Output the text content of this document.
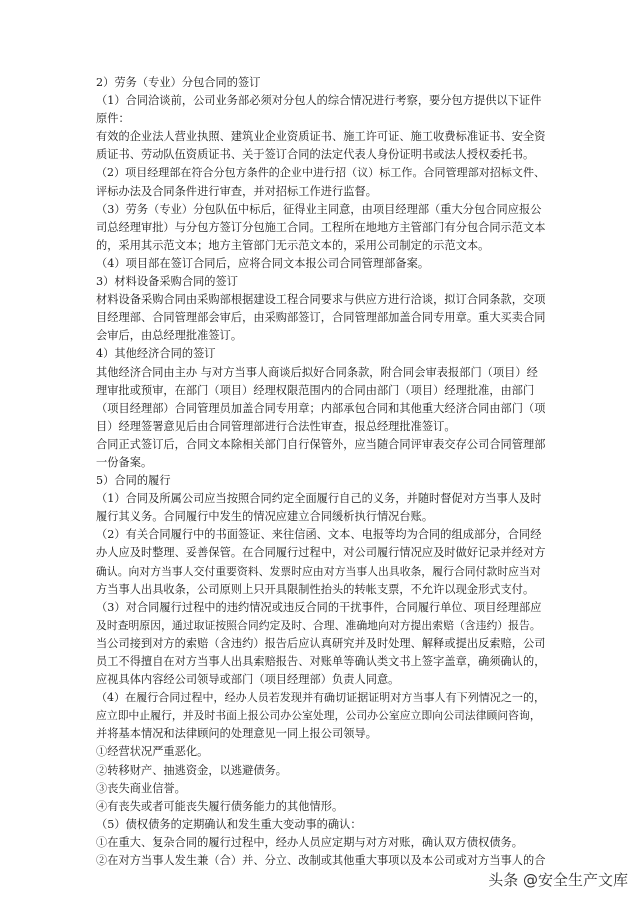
2）劳务（专业）分包合同的签订
（1）合同洽谈前，公司业务部必须对分包人的综合情况进行考察，要分包方提供以下证件
原件：
有效的企业法人营业执照、建筑业企业资质证书、施工许可证、施工收费标准证书、安全资
质证书、劳动队伍资质证书、关于签订合同的法定代表人身份证明书或法人授权委托书。
（2）项目经理部在符合分包方条件的企业中进行招（议）标工作。合同管理部对招标文件、
评标办法及合同条件进行审查，并对招标工作进行监督。
（3）劳务（专业）分包队伍中标后，征得业主同意，由项目经理部（重大分包合同应报公
司总经理审批）与分包方签订分包施工合同。工程所在地地方主管部门有分包合同示范文本
的，采用其示范文本；地方主管部门无示范文本的，采用公司制定的示范文本。
（4）项目部在签订合同后，应将合同文本报公司合同管理部备案。
3）材料设备采购合同的签订
材料设备采购合同由采购部根据建设工程合同要求与供应方进行洽谈，拟订合同条款，交项
目经理部、合同管理部会审后，由采购部签订，合同管理部加盖合同专用章。重大买卖合同
会审后，由总经理批准签订。
4）其他经济合同的签订
其他经济合同由主办 与对方当事人商谈后拟好合同条款，附合同会审表报部门（项目）经
理审批或预审，在部门（项目）经理权限范围内的合同由部门（项目）经理批准，由部门
（项目经理部）合同管理员加盖合同专用章；内部承包合同和其他重大经济合同由部门（项
目）经理签署意见后由合同管理部进行合法性审查，报总经理批准签订。
合同正式签订后，合同文本除相关部门自行保管外，应当随合同评审表交存公司合同管理部
一份备案。
5）合同的履行
（1）合同及所属公司应当按照合同约定全面履行自己的义务，并随时督促对方当事人及时
履行其义务。合同履行中发生的情况应建立合同缓析执行情况台账。
（2）有关合同履行中的书面签证、来往信函、文本、电报等均为合同的组成部分，合同经
办人应及时整理、妥善保管。在合同履行过程中，对公司履行情况应及时做好记录并经对方
确认。向对方当事人交付重要资料、发票时应由对方当事人出具收条，履行合同付款时应当对
方当事人出具收条，公司原则上只开具限制性抬头的转帐支票，不允许以现金形式支付。
（3）对合同履行过程中的违约情况或违反合同的干扰事件，合同履行单位、项目经理部应
及时查明原因，通过取证按照合同约定及时、合理、准确地向对方提出索赔（含违约）报告。
当公司接到对方的索赔（含违约）报告后应认真研究并及时处理、解释或提出反索赔，公司
员工不得擅自在对方当事人出具索赔报告、对账单等确认类文书上签字盖章，确须确认的，
应视具体内容经公司领导或部门（项目经理部）负责人同意。
（4）在履行合同过程中，经办人员若发现并有确切证据证明对方当事人有下列情况之一的，
应立即中止履行，并及时书面上报公司办公室处理，公司办公室应立即向公司法律顾问咨询，
并将基本情况和法律顾问的处理意见一同上报公司领导。
①经营状况严重恶化。
②转移财产、抽逃资金，以逃避债务。
③丧失商业信誉。
④有丧失或者可能丧失履行债务能力的其他情形。
（5）债权债务的定期确认和发生重大变动事的确认：
①在重大、复杂合同的履行过程中，经办人员应定期与对方对账，确认双方债权债务。
②在对方当事人发生兼（合）并、分立、改制或其他重大事项以及本公司或对方当事人的合
头条 @安全生产文库
